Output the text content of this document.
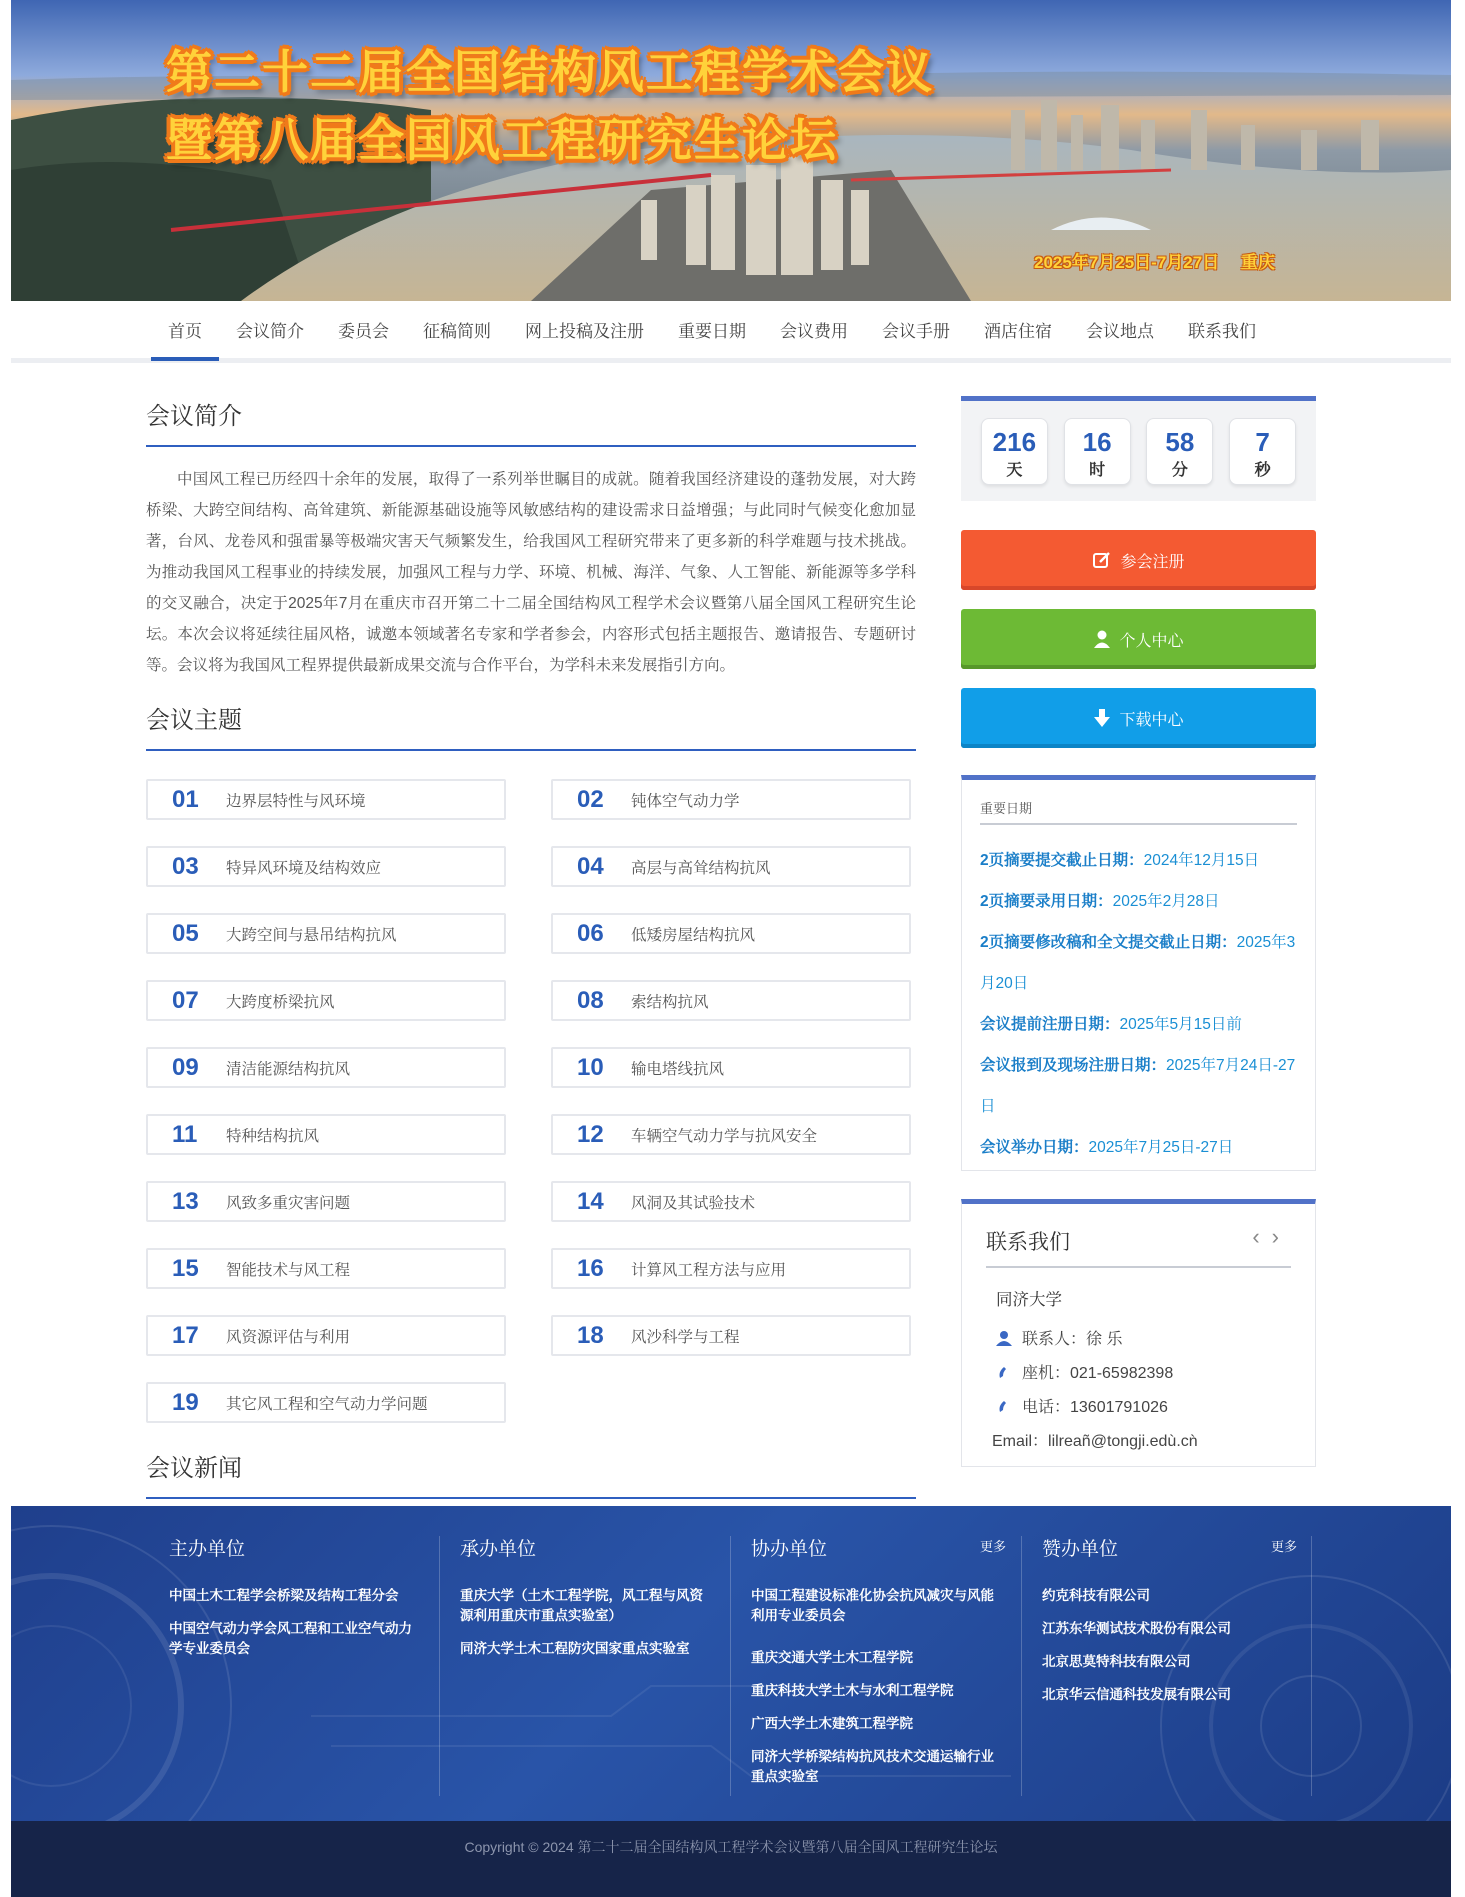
第二十二届全国结构风工程学术会议
暨第八届全国风工程研究生论坛
2025年7月25日-7月27日　 重庆
首页	会议简介	委员会	征稿简则	网上投稿及注册	重要日期	会议费用	会议手册	酒店住宿	会议地点	联系我们
会议简介
中国风工程已历经四十余年的发展，取得了一系列举世瞩目的成就。随着我国经济建设的蓬勃发展，对大跨桥梁、大跨空间结构、高耸建筑、新能源基础设施等风敏感结构的建设需求日益增强；与此同时气候变化愈加显著，台风、龙卷风和强雷暴等极端灾害天气频繁发生，给我国风工程研究带来了更多新的科学难题与技术挑战。为推动我国风工程事业的持续发展，加强风工程与力学、环境、机械、海洋、气象、人工智能、新能源等多学科的交叉融合，决定于2025年7月在重庆市召开第二十二届全国结构风工程学术会议暨第八届全国风工程研究生论坛。本次会议将延续往届风格，诚邀本领域著名专家和学者参会，内容形式包括主题报告、邀请报告、专题研讨等。会议将为我国风工程界提供最新成果交流与合作平台，为学科未来发展指引方向。
会议主题
01	边界层特性与风环境	02	钝体空气动力学
03	特异风环境及结构效应	04	高层与高耸结构抗风
05	大跨空间与悬吊结构抗风	06	低矮房屋结构抗风
07	大跨度桥梁抗风	08	索结构抗风
09	清洁能源结构抗风	10	输电塔线抗风
11	特种结构抗风	12	车辆空气动力学与抗风安全
13	风致多重灾害问题	14	风洞及其试验技术
15	智能技术与风工程	16	计算风工程方法与应用
17	风资源评估与利用	18	风沙科学与工程
19	其它风工程和空气动力学问题
会议新闻
216
天
16
时
58
分
7
秒
参会注册
个人中心
下载中心
重要日期
2页摘要提交截止日期：2024年12月15日
2页摘要录用日期：2025年2月28日
2页摘要修改稿和全文提交截止日期：2025年3月20日
会议提前注册日期：2025年5月15日前
会议报到及现场注册日期：2025年7月24日-27日
会议举办日期：2025年7月25日-27日
联系我们	‹›
同济大学
联系人：徐 乐
座机：021-65982398
电话：13601791026
Email：lilreañ@tongji.edù.cǹ
主办单位
中国土木工程学会桥梁及结构工程分会
中国空气动力学会风工程和工业空气动力学专业委员会
承办单位
重庆大学（土木工程学院，风工程与风资源利用重庆市重点实验室）
同济大学土木工程防灾国家重点实验室
协办单位	更多
中国工程建设标准化协会抗风减灾与风能利用专业委员会
重庆交通大学土木工程学院
重庆科技大学土木与水利工程学院
广西大学土木建筑工程学院
同济大学桥梁结构抗风技术交通运输行业重点实验室
赞办单位	更多
约克科技有限公司
江苏东华测试技术股份有限公司
北京思莫特科技有限公司
北京华云信通科技发展有限公司
Copyright © 2024 第二十二届全国结构风工程学术会议暨第八届全国风工程研究生论坛
